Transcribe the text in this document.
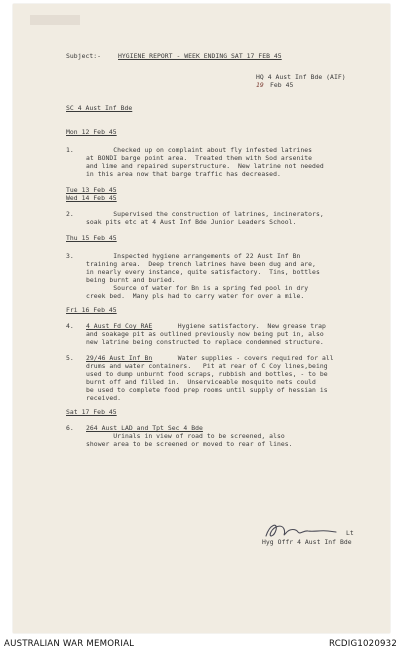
Subject:-	HYGIENE REPORT - WEEK ENDING SAT 17 FEB 45
HQ 4 Aust Inf Bde (AIF)
19 Feb 45
SC 4 Aust Inf Bde
Mon 12 Feb 45
1. Checked up on complaint about fly infested latrines
at BONDI barge point area.  Treated them with Sod arsenite
and lime and repaired superstructure.  New latrine not needed
in this area now that barge traffic has decreased.
Tue 13 Feb 45
Wed 14 Feb 45
2. Supervised the construction of latrines, incinerators,
soak pits etc at 4 Aust Inf Bde Junior Leaders School.
Thu 15 Feb 45
3. Inspected hygiene arrangements of 22 Aust Inf Bn
training area.  Deep trench latrines have been dug and are,
in nearly every instance, quite satisfactory.  Tins, bottles
being burnt and buried.
Source of water for Bn is a spring fed pool in dry
creek bed.  Many pls had to carry water for over a mile.
Fri 16 Feb 45
4. 4 Aust Fd Coy RAE	Hygiene satisfactory.  New grease trap
and soakage pit as outlined previously now being put in, also
new latrine being constructed to replace condemned structure.
5. 29/46 Aust Inf Bn	Water supplies - covers required for all
drums and water containers.   Pit at rear of C Coy lines,being
used to dump unburnt food scraps, rubbish and bottles, - to be
burnt off and filled in.  Unserviceable mosquito nets could
be used to complete food prep rooms until supply of hessian is
received.
Sat 17 Feb 45
6. 264 Aust LAD and Tpt Sec 4 Bde
Urinals in view of road to be screened, also
shower area to be screened or moved to rear of lines.
Lt
Hyg Offr 4 Aust Inf Bde
AUSTRALIAN WAR MEMORIAL	RCDIG1020932
